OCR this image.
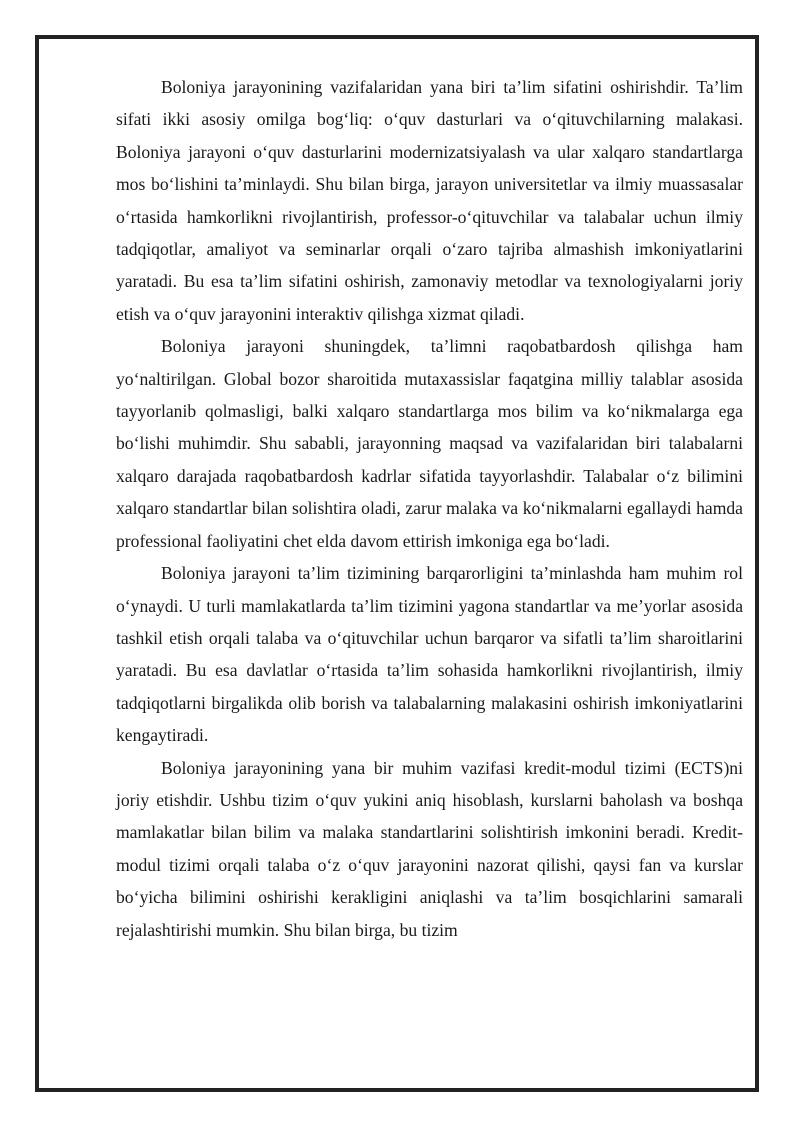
Boloniya jarayonining vazifalaridan yana biri ta’lim sifatini oshirishdir. Ta’lim sifati ikki asosiy omilga bog‘liq: o‘quv dasturlari va o‘qituvchilarning malakasi. Boloniya jarayoni o‘quv dasturlarini modernizatsiyalash va ular xalqaro standartlarga mos bo‘lishini ta’minlaydi. Shu bilan birga, jarayon universitetlar va ilmiy muassasalar o‘rtasida hamkorlikni rivojlantirish, professor-o‘qituvchilar va talabalar uchun ilmiy tadqiqotlar, amaliyot va seminarlar orqali o‘zaro tajriba almashish imkoniyatlarini yaratadi. Bu esa ta’lim sifatini oshirish, zamonaviy metodlar va texnologiyalarni joriy etish va o‘quv jarayonini interaktiv qilishga xizmat qiladi.

Boloniya jarayoni shuningdek, ta’limni raqobatbardosh qilishga ham yo‘naltirilgan. Global bozor sharoitida mutaxassislar faqatgina milliy talablar asosida tayyorlanib qolmasligi, balki xalqaro standartlarga mos bilim va ko‘nikmalarga ega bo‘lishi muhimdir. Shu sababli, jarayonning maqsad va vazifalaridan biri talabalarni xalqaro darajada raqobatbardosh kadrlar sifatida tayyorlashdir. Talabalar o‘z bilimini xalqaro standartlar bilan solishtira oladi, zarur malaka va ko‘nikmalarni egallaydi hamda professional faoliyatini chet elda davom ettirish imkoniga ega bo‘ladi.

Boloniya jarayoni ta’lim tizimining barqarorligini ta’minlashda ham muhim rol o‘ynaydi. U turli mamlakatlarda ta’lim tizimini yagona standartlar va me’yorlar asosida tashkil etish orqali talaba va o‘qituvchilar uchun barqaror va sifatli ta’lim sharoitlarini yaratadi. Bu esa davlatlar o‘rtasida ta’lim sohasida hamkorlikni rivojlantirish, ilmiy tadqiqotlarni birgalikda olib borish va talabalarning malakasini oshirish imkoniyatlarini kengaytiradi.

Boloniya jarayonining yana bir muhim vazifasi kredit-modul tizimi (ECTS)ni joriy etishdir. Ushbu tizim o‘quv yukini aniq hisoblash, kurslarni baholash va boshqa mamlakatlar bilan bilim va malaka standartlarini solishtirish imkonini beradi. Kredit-modul tizimi orqali talaba o‘z o‘quv jarayonini nazorat qilishi, qaysi fan va kurslar bo‘yicha bilimini oshirishi kerakligini aniqlashi va ta’lim bosqichlarini samarali rejalashtirishi mumkin. Shu bilan birga, bu tizim
